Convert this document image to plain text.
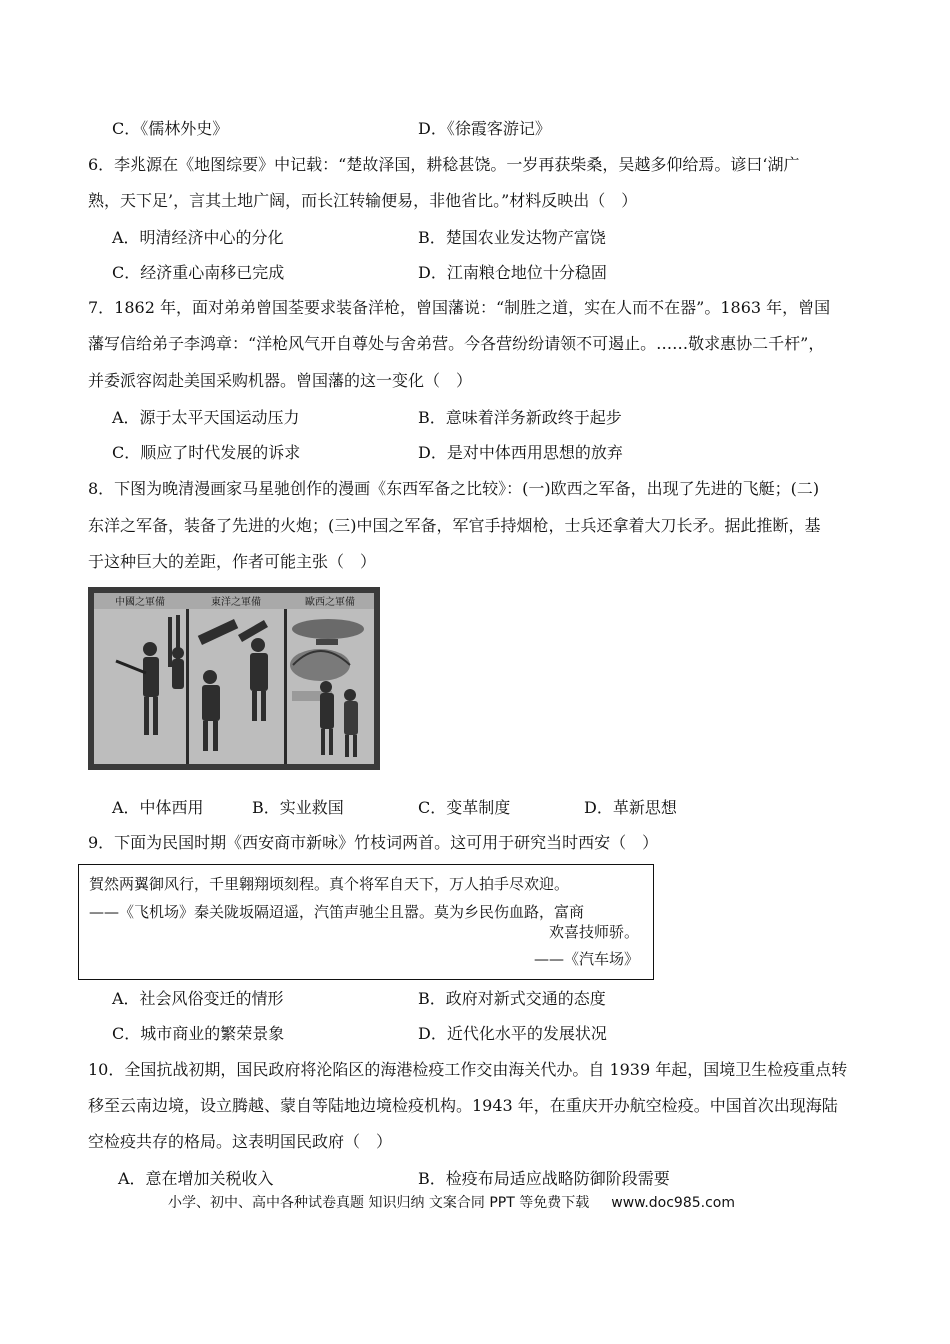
C．《儒林外史》	D．《徐霞客游记》
6．李兆源在《地图综要》中记载：“楚故泽国，耕稔甚饶。一岁再获柴桑，吴越多仰给焉。谚曰‘湖广
熟，天下足’，言其土地广阔，而长江转输便易，非他省比。”材料反映出（　）
A．明清经济中心的分化	B．楚国农业发达物产富饶
C．经济重心南移已完成	D．江南粮仓地位十分稳固
7．1862 年，面对弟弟曾国荃要求装备洋枪，曾国藩说：“制胜之道，实在人而不在器”。1863 年，曾国
藩写信给弟子李鸿章：“洋枪风气开自尊处与舍弟营。今各营纷纷请领不可遏止。……敬求惠协二千杆”，
并委派容闳赴美国采购机器。曾国藩的这一变化（　）
A．源于太平天国运动压力	B．意味着洋务新政终于起步
C．顺应了时代发展的诉求	D．是对中体西用思想的放弃
8．下图为晚清漫画家马星驰创作的漫画《东西军备之比较》：(一)欧西之军备，出现了先进的飞艇；(二)
东洋之军备，装备了先进的火炮；(三)中国之军备，军官手持烟枪，士兵还拿着大刀长矛。据此推断，基
于这种巨大的差距，作者可能主张（　）
中國之軍備	東洋之軍備	歐西之軍備
A．中体西用	B．实业救国	C．变革制度	D．革新思想
9．下面为民国时期《西安商市新咏》竹枝词两首。这可用于研究当时西安（　）
賀然两翼御风行，千里翱翔顷刻程。真个将军自天下，万人拍手尽欢迎。
——《飞机场》秦关陇坂隔迢遥，汽笛声驰尘且嚣。莫为乡民伤血路，富商
欢喜技师骄。
——《汽车场》
A．社会风俗变迁的情形	B．政府对新式交通的态度
C．城市商业的繁荣景象	D．近代化水平的发展状况
10．全国抗战初期，国民政府将沦陷区的海港检疫工作交由海关代办。自 1939 年起，国境卫生检疫重点转
移至云南边境，设立腾越、蒙自等陆地边境检疫机构。1943 年，在重庆开办航空检疫。中国首次出现海陆
空检疫共存的格局。这表明国民政府（　）
A．意在增加关税收入	B．检疫布局适应战略防御阶段需要
小学、初中、高中各种试卷真题 知识归纳 文案合同 PPT 等免费下载 www.doc985.com
